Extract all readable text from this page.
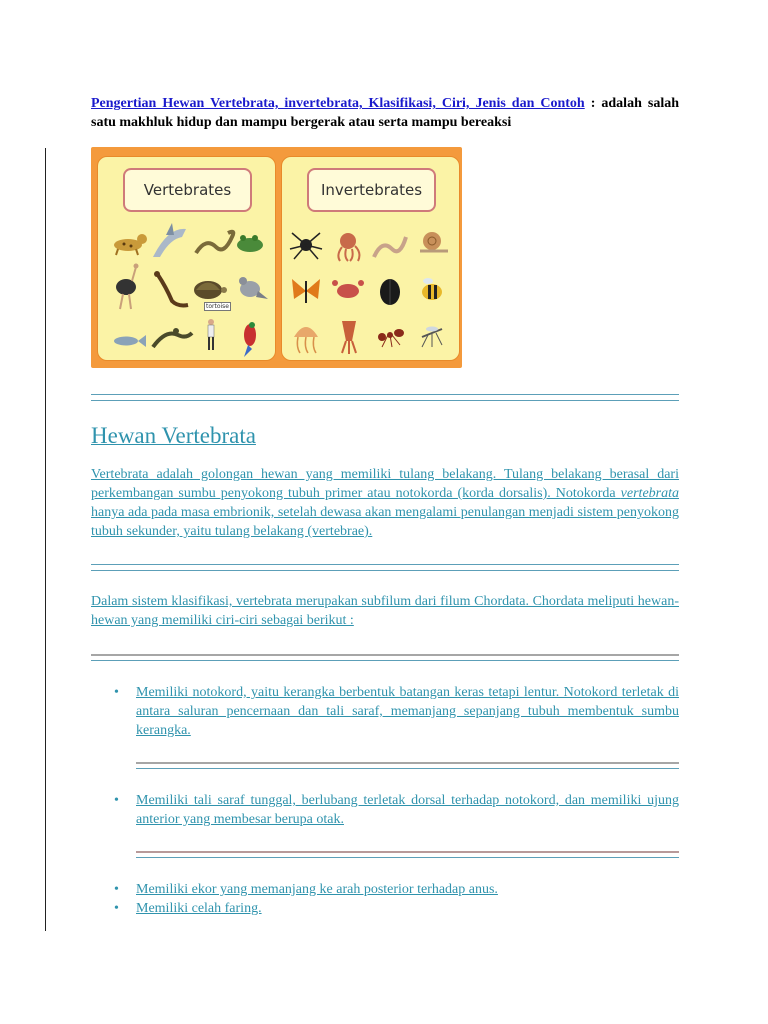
Pengertian Hewan Vertebrata, invertebrata, Klasifikasi, Ciri, Jenis dan Contoh : adalah salah satu makhluk hidup dan mampu bergerak atau serta mampu bereaksi

Vertebrates
tortoise
Invertebrates
Hewan Vertebrata

Vertebrata adalah golongan hewan yang memiliki tulang belakang. Tulang belakang berasal dari perkembangan sumbu penyokong tubuh primer atau notokorda (korda dorsalis). Notokorda vertebrata hanya ada pada masa embrionik, setelah dewasa akan mengalami penulangan menjadi sistem penyokong tubuh sekunder, yaitu tulang belakang (vertebrae).

Dalam sistem klasifikasi, vertebrata merupakan subfilum dari filum Chordata. Chordata meliputi hewan-hewan yang memiliki ciri-ciri sebagai berikut :

• Memiliki notokord, yaitu kerangka berbentuk batangan keras tetapi lentur. Notokord terletak di antara saluran pencernaan dan tali saraf, memanjang sepanjang tubuh membentuk sumbu kerangka.

• Memiliki tali saraf tunggal, berlubang terletak dorsal terhadap notokord, dan memiliki ujung anterior yang membesar berupa otak.

• Memiliki ekor yang memanjang ke arah posterior terhadap anus.

• Memiliki celah faring.
